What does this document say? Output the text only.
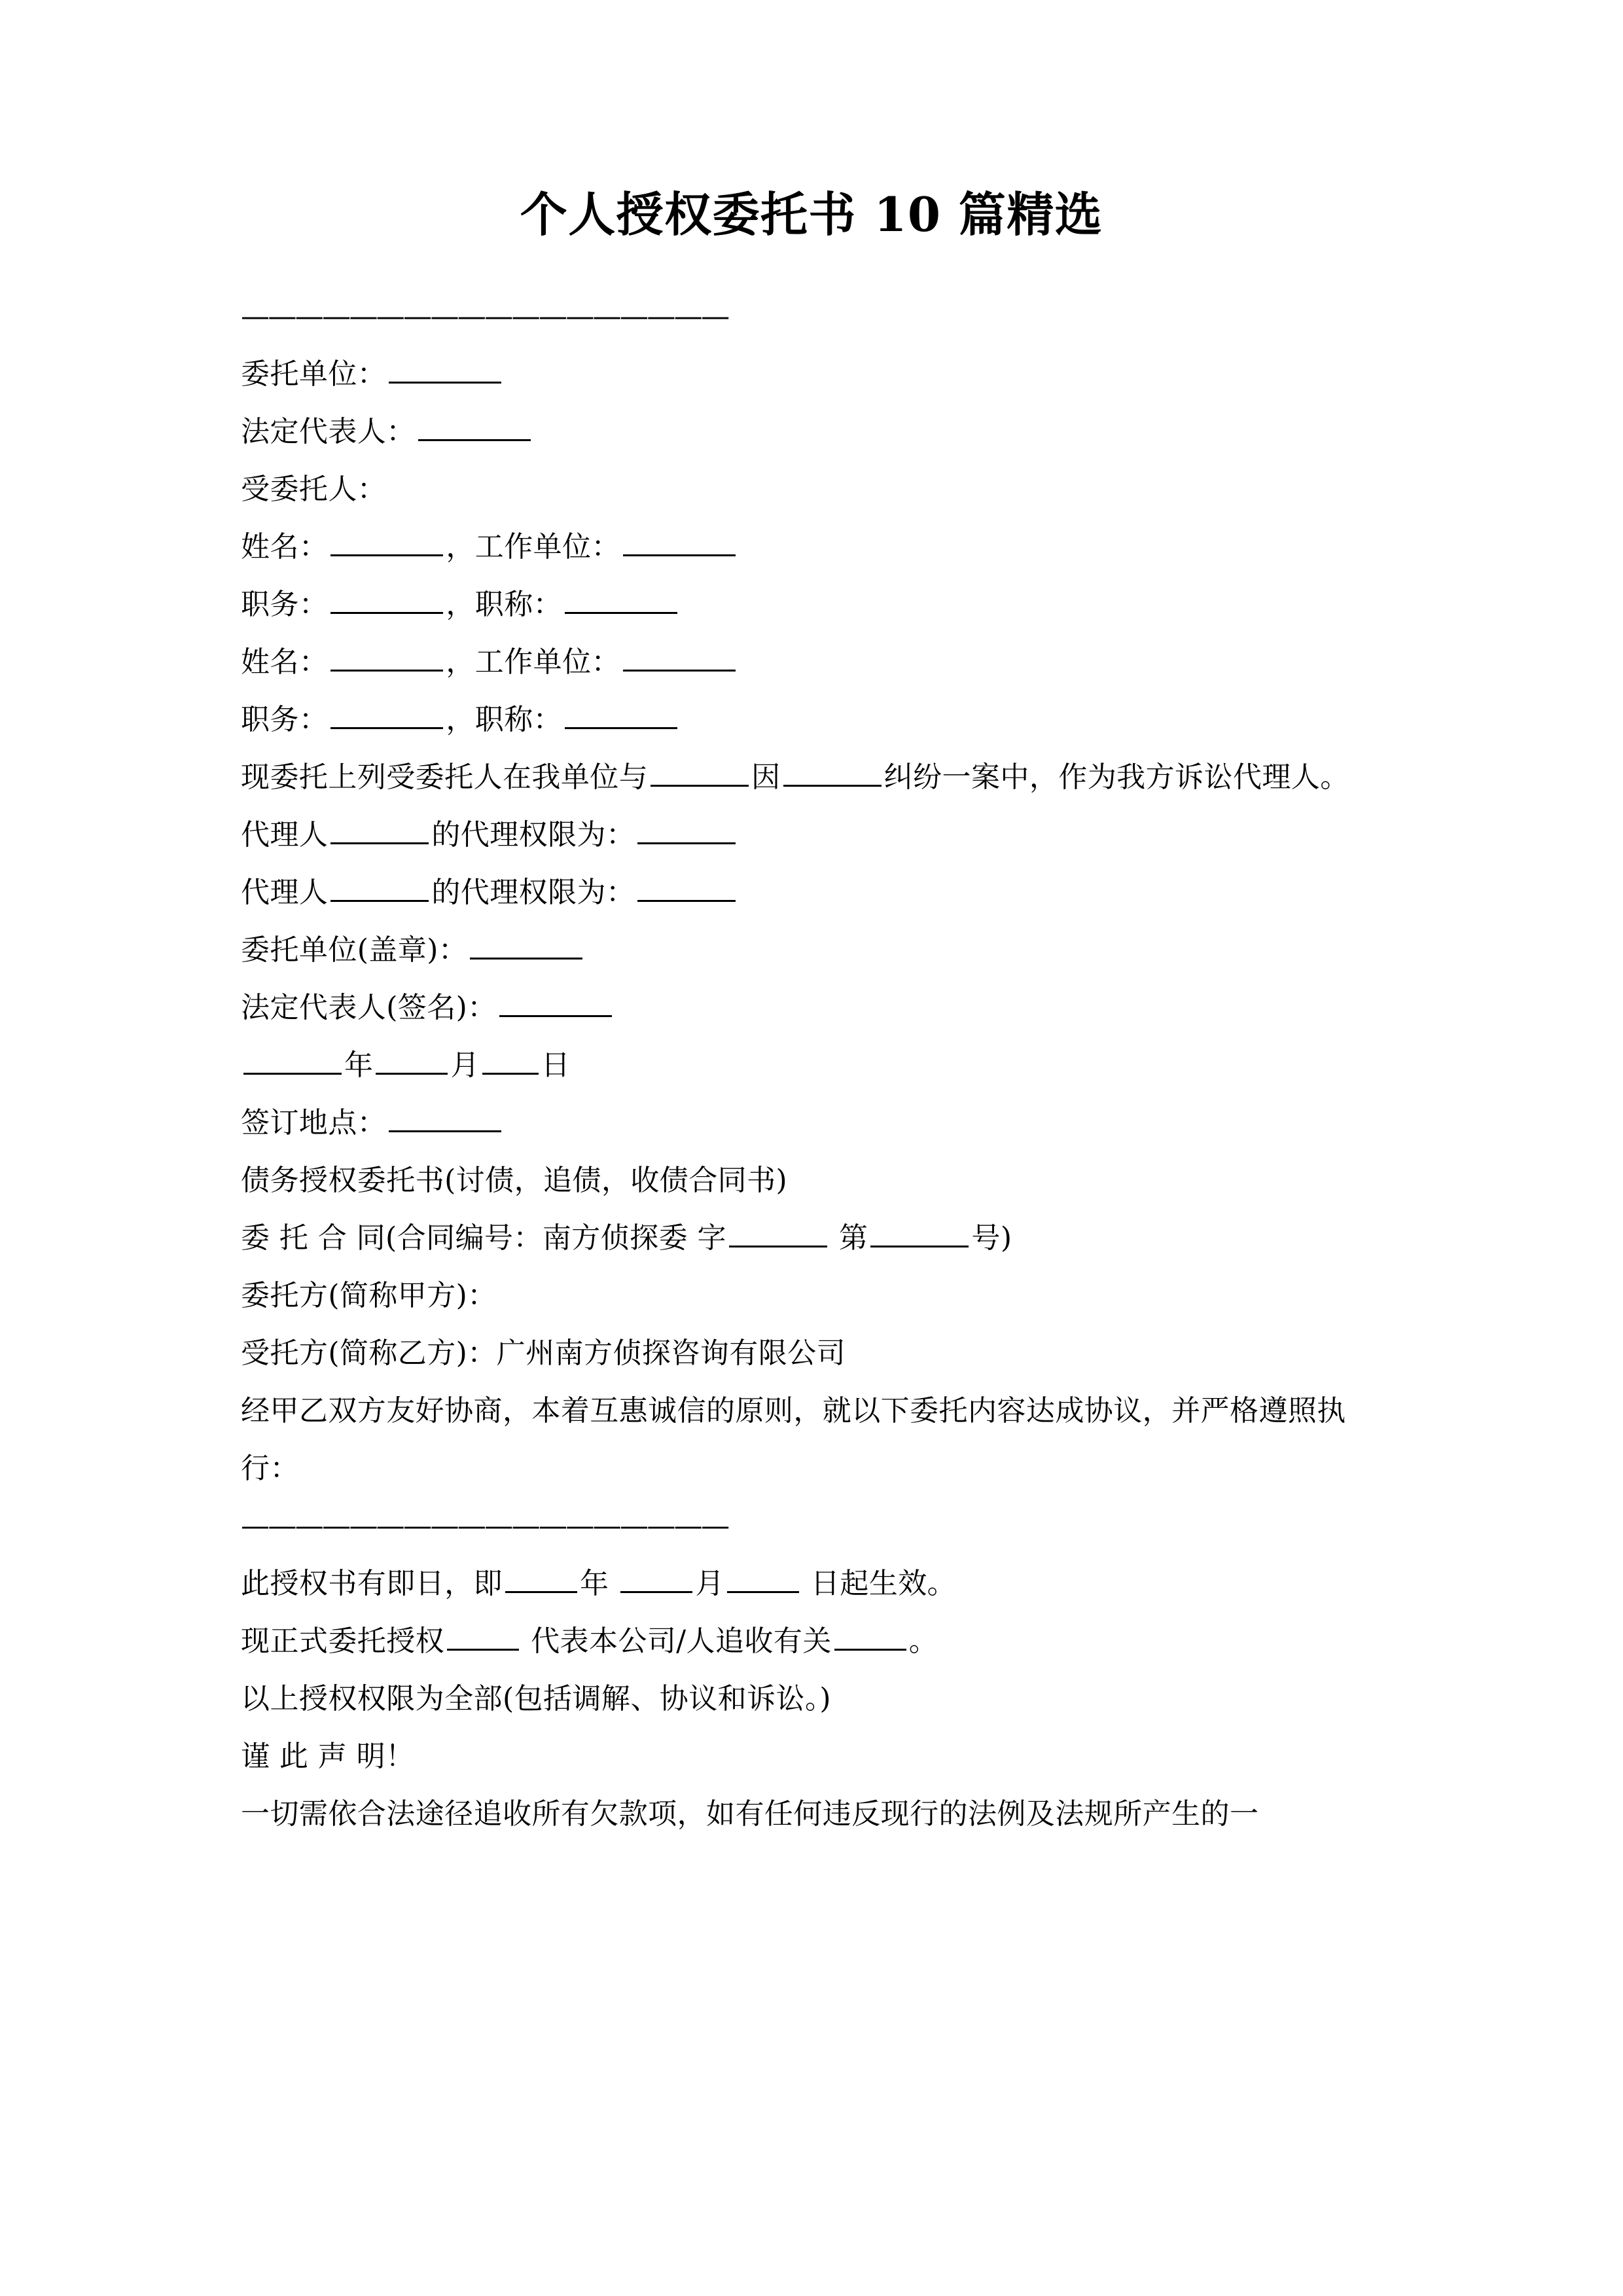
个人授权委托书 10 篇精选
——————————————————
委托单位：
法定代表人：
受委托人：
姓名：	，工作单位：
职务：	，职称：
姓名：	，工作单位：
职务：	，职称：
现委托上列受委托人在我单位与	因	纠纷一案中，作为我方诉讼代理人。
代理人	的代理权限为：
代理人	的代理权限为：
委托单位(盖章)：
法定代表人(签名)：
年	月 日
签订地点：
债务授权委托书(讨债，追债，收债合同书)
委 托 合 同(合同编号：南方侦探委 字	第	号)
委托方(简称甲方)：
受托方(简称乙方)：广州南方侦探咨询有限公司
经甲乙双方友好协商，本着互惠诚信的原则，就以下委托内容达成协议，并严格遵照执行：
——————————————————
此授权书有即日，即	年	月	日起生效。
现正式委托授权	代表本公司/人追收有关	。
以上授权权限为全部(包括调解、协议和诉讼。)
谨 此 声 明！
一切需依合法途径追收所有欠款项，如有任何违反现行的法例及法规所产生的一
